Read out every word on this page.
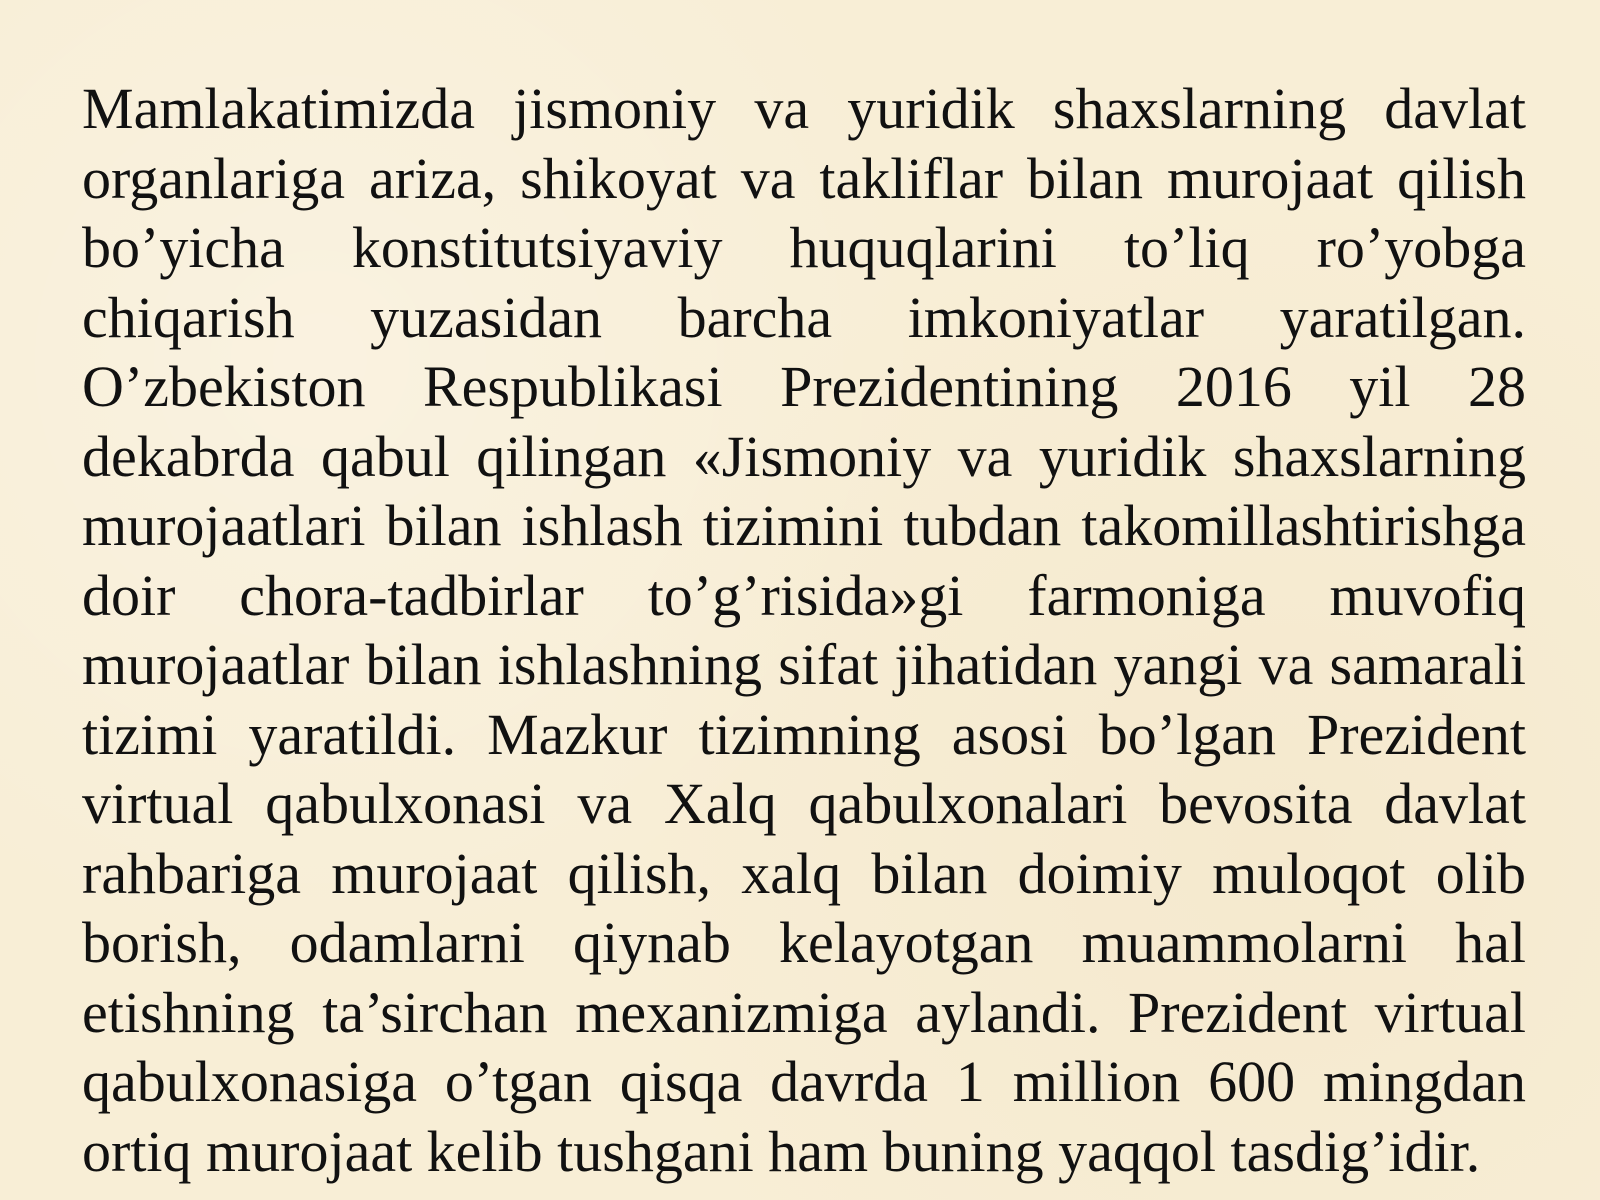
Mamlakatimizda jismoniy va yuridik shaxslarning davlat organlariga ariza, shikoyat va takliflar bilan murojaat qilish bo’yicha konstitutsiyaviy huquqlarini to’liq ro’yobga chiqarish yuzasidan barcha imkoniyatlar yaratilgan. O’zbekiston Respublikasi Prezidentining 2016 yil 28 dekabrda qabul qilingan «Jismoniy va yuridik shaxslarning murojaatlari bilan ishlash tizimini tubdan takomillashtirishga doir chora-tadbirlar to’g’risida»gi farmoniga muvofiq murojaatlar bilan ishlashning sifat jihatidan yangi va samarali tizimi yaratildi. Mazkur tizimning asosi bo’lgan Prezident virtual qabulxonasi va Xalq qabulxonalari bevosita davlat rahbariga murojaat qilish, xalq bilan doimiy muloqot olib borish, odamlarni qiynab kelayotgan muammolarni hal etishning ta’sirchan mexanizmiga aylandi. Prezident virtual qabulxonasiga o’tgan qisqa davrda 1 million 600 mingdan ortiq murojaat kelib tushgani ham buning yaqqol tasdig’idir.
